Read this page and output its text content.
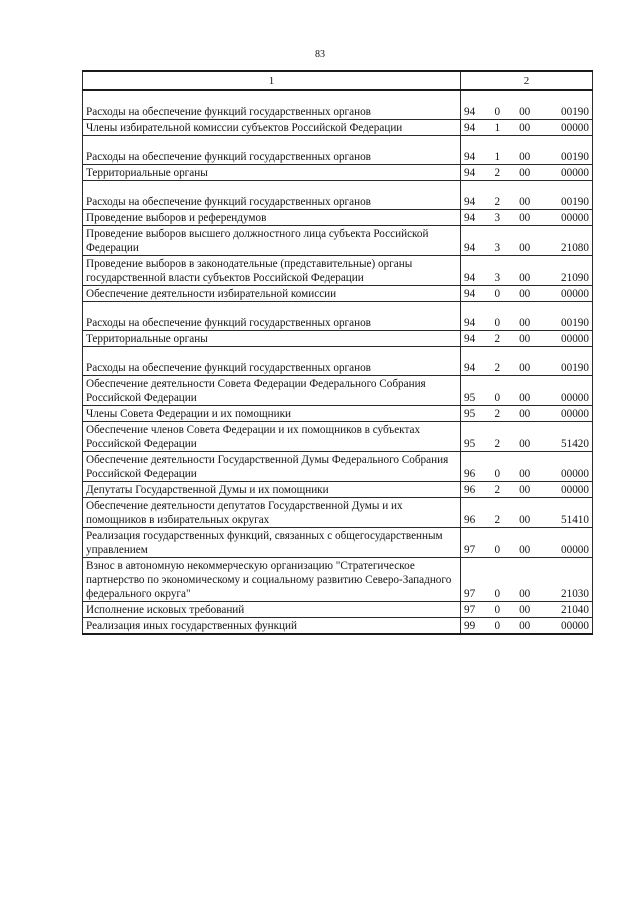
83
1	2
Расходы на обеспечение функций государственных органов	94 0 00 00190

Члены избирательной комиссии субъектов Российской Федерации	94 1 00 00000

Расходы на обеспечение функций государственных органов	94 1 00 00190

Территориальные органы	94 2 00 00000

Расходы на обеспечение функций государственных органов	94 2 00 00190

Проведение выборов и референдумов	94 3 00 00000

Проведение выборов высшего должностного лица субъекта Российской Федерации	94 3 00 21080

Проведение выборов в законодательные (представительные) органы государственной власти субъектов Российской Федерации	94 3 00 21090

Обеспечение деятельности избирательной комиссии	94 0 00 00000

Расходы на обеспечение функций государственных органов	94 0 00 00190

Территориальные органы	94 2 00 00000

Расходы на обеспечение функций государственных органов	94 2 00 00190

Обеспечение деятельности Совета Федерации Федерального Собрания Российской Федерации	95 0 00 00000

Члены Совета Федерации и их помощники	95 2 00 00000

Обеспечение членов Совета Федерации и их помощников в субъектах Российской Федерации	95 2 00 51420

Обеспечение деятельности Государственной Думы Федерального Собрания Российской Федерации	96 0 00 00000

Депутаты Государственной Думы и их помощники	96 2 00 00000

Обеспечение деятельности депутатов Государственной Думы и их помощников в избирательных округах	96 2 00 51410

Реализация государственных функций, связанных с общегосударственным управлением	97 0 00 00000

Взнос в автономную некоммерческую организацию "Стратегическое партнерство по экономическому и социальному развитию Северо-Западного федерального округа"	97 0 00 21030

Исполнение исковых требований	97 0 00 21040

Реализация иных государственных функций	99 0 00 00000
